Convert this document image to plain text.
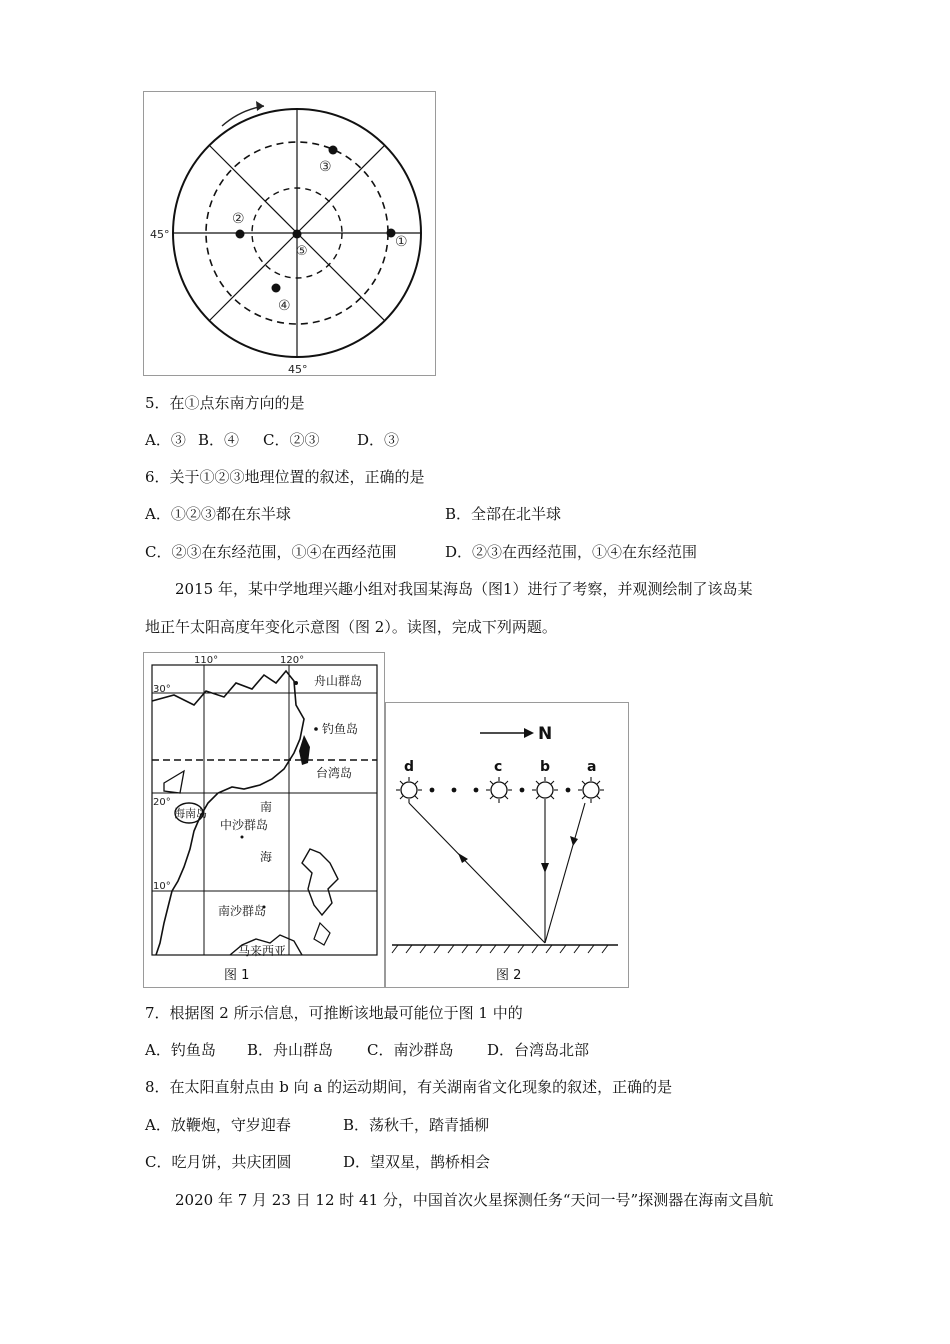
③
②
①
⑤
④
45°
45°
5．在①点东南方向的是
A．③ B．④ C．②③	D．③
6．关于①②③地理位置的叙述，正确的是
A．①②③都在东半球	B．全部在北半球
C．②③在东经范围，①④在西经范围	D．②③在西经范围，①④在东经范围
2015 年，某中学地理兴趣小组对我国某海岛（图1）进行了考察，并观测绘制了该岛某
地正午太阳高度年变化示意图（图 2）。读图，完成下列两题。
110°	120°
30°
20°
10°
舟山群岛
钓鱼岛
台湾岛
海南岛	南
中沙群岛
海
南沙群岛
马来西亚
图 1
N
d	c	b	a
图 2
7．根据图 2 所示信息，可推断该地最可能位于图 1 中的
A．钓鱼岛 B．舟山群岛 C．南沙群岛 D．台湾岛北部
8．在太阳直射点由 b 向 a 的运动期间，有关湖南省文化现象的叙述，正确的是
A．放鞭炮，守岁迎春	B．荡秋千，踏青插柳
C．吃月饼，共庆团圆	D．望双星，鹊桥相会
2020 年 7 月 23 日 12 时 41 分，中国首次火星探测任务“天问一号”探测器在海南文昌航
